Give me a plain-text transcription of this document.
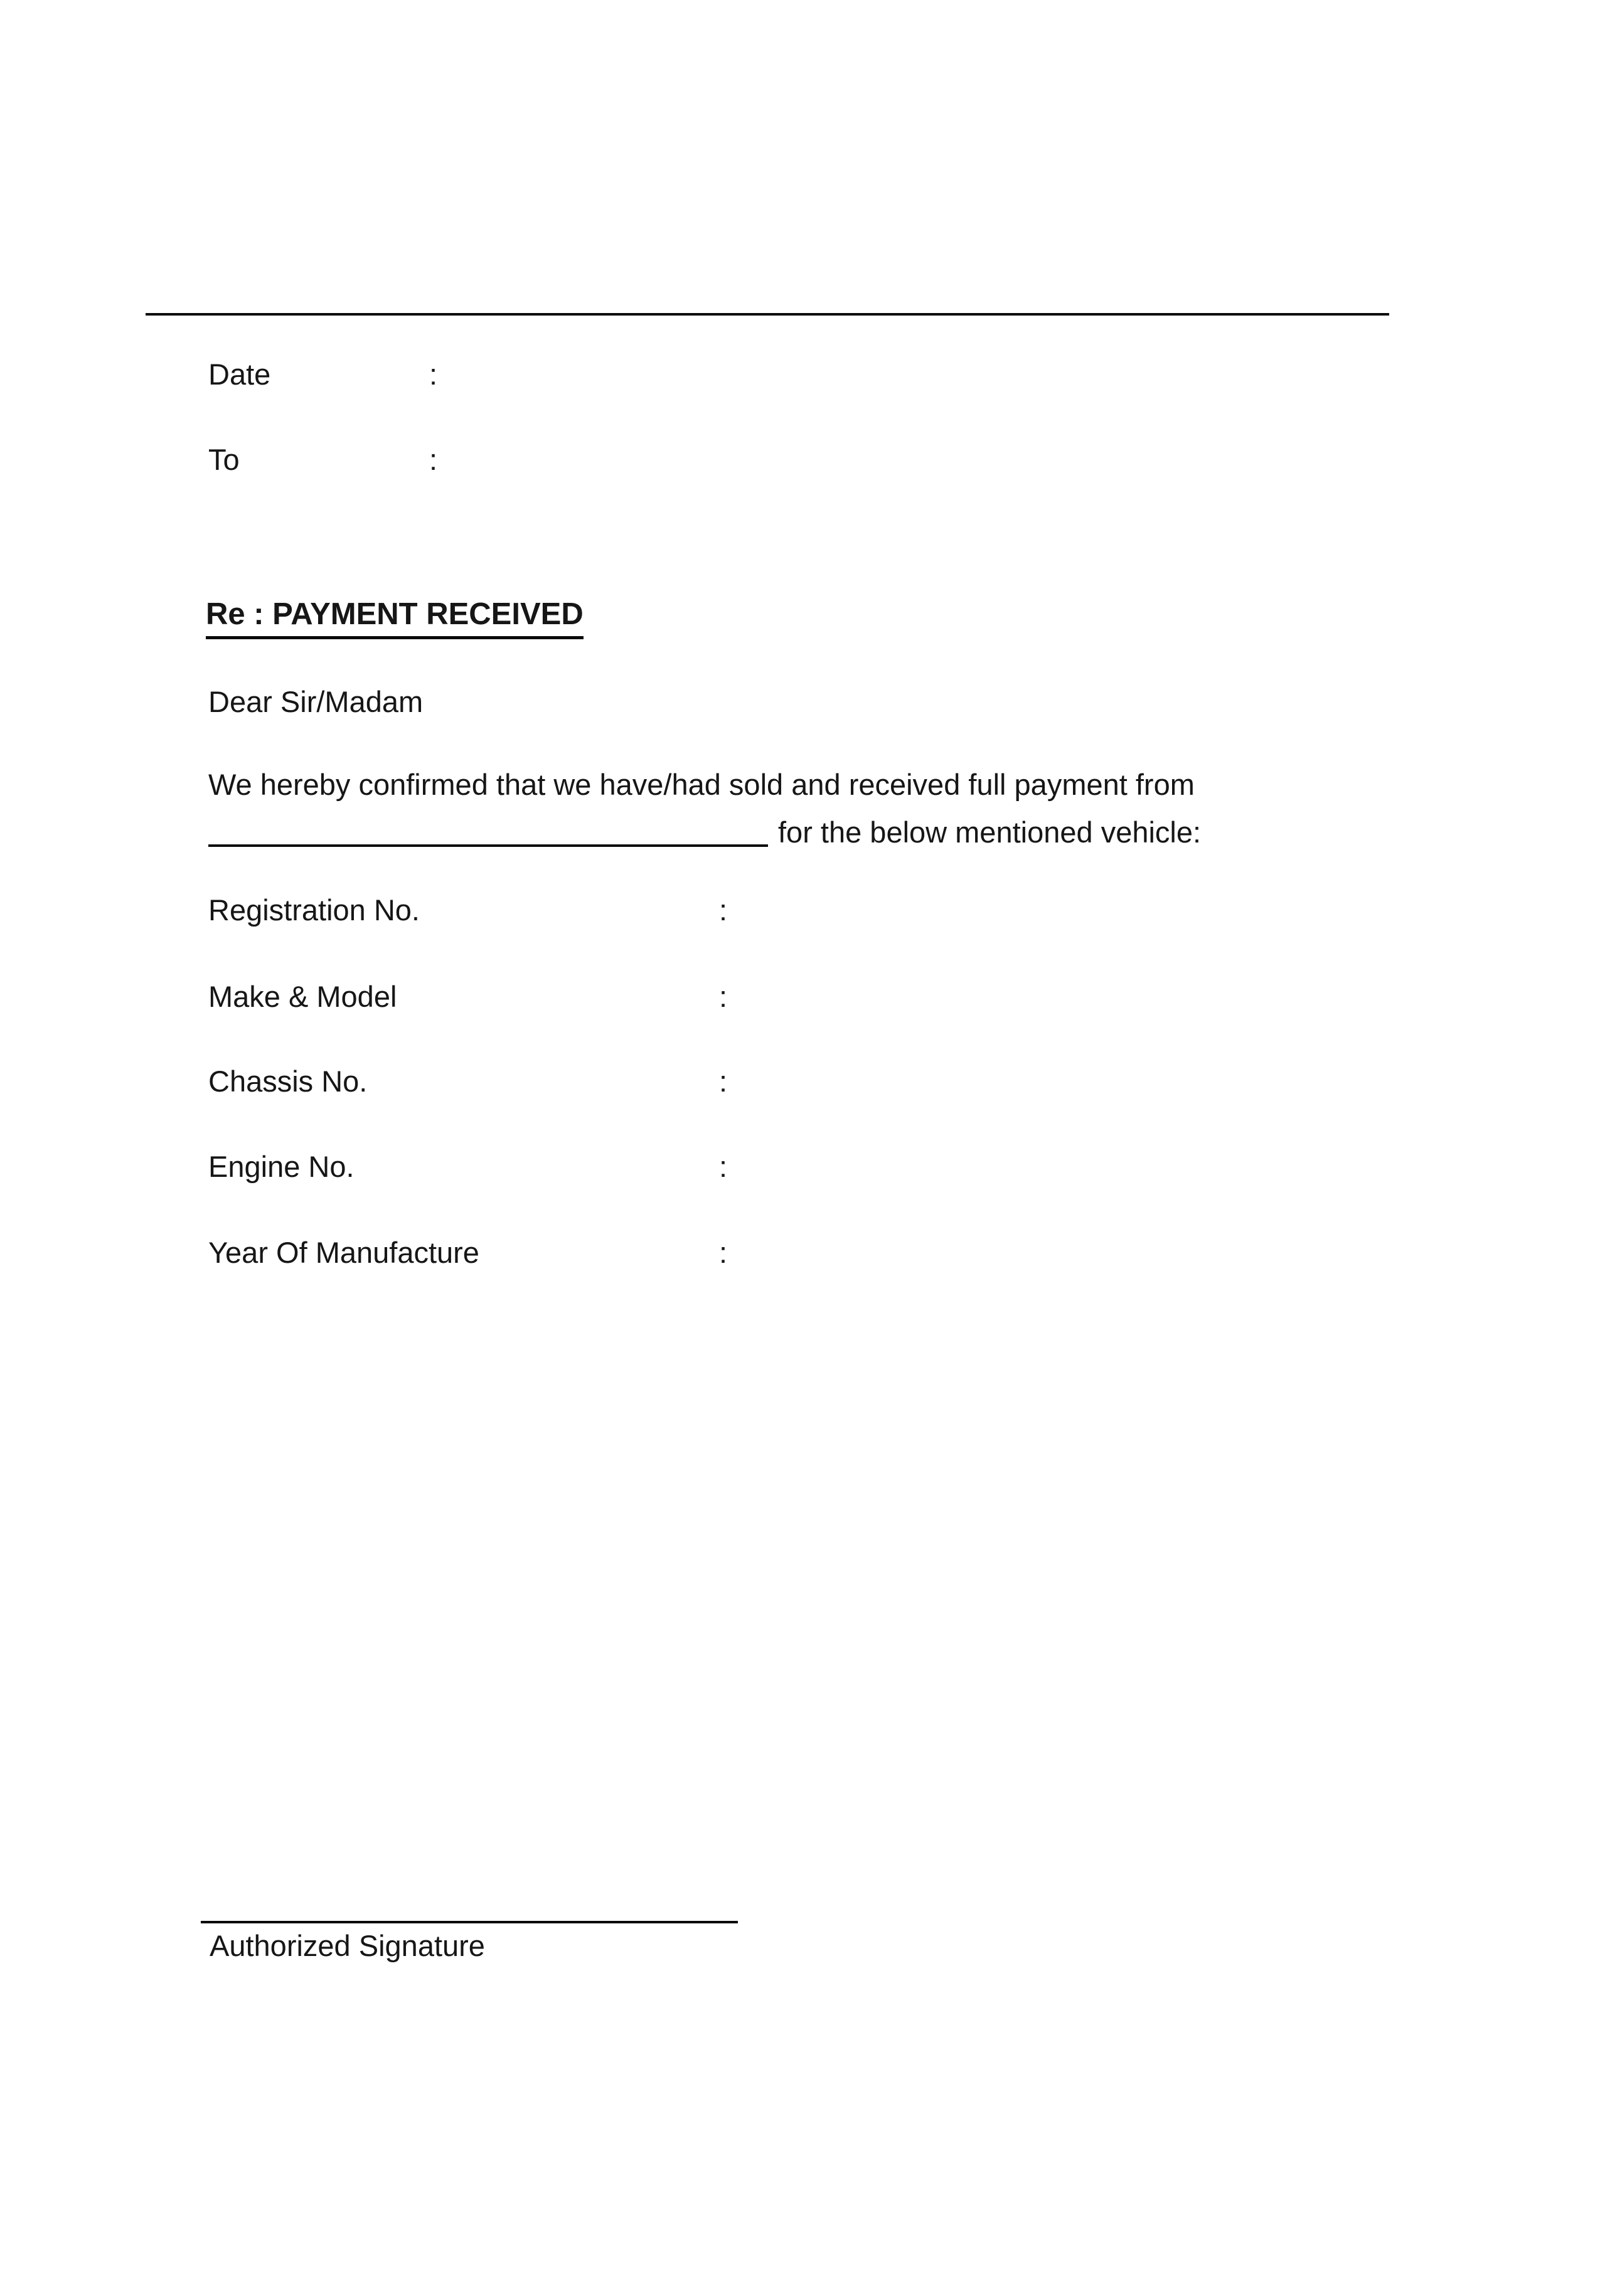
Date	:
To	:
Re : PAYMENT RECEIVED
Dear Sir/Madam
We hereby confirmed that we have/had sold and received full payment from
for the below mentioned vehicle:
Registration No.	:
Make & Model	:
Chassis No.	:
Engine No.	:
Year Of Manufacture	:
Authorized Signature
